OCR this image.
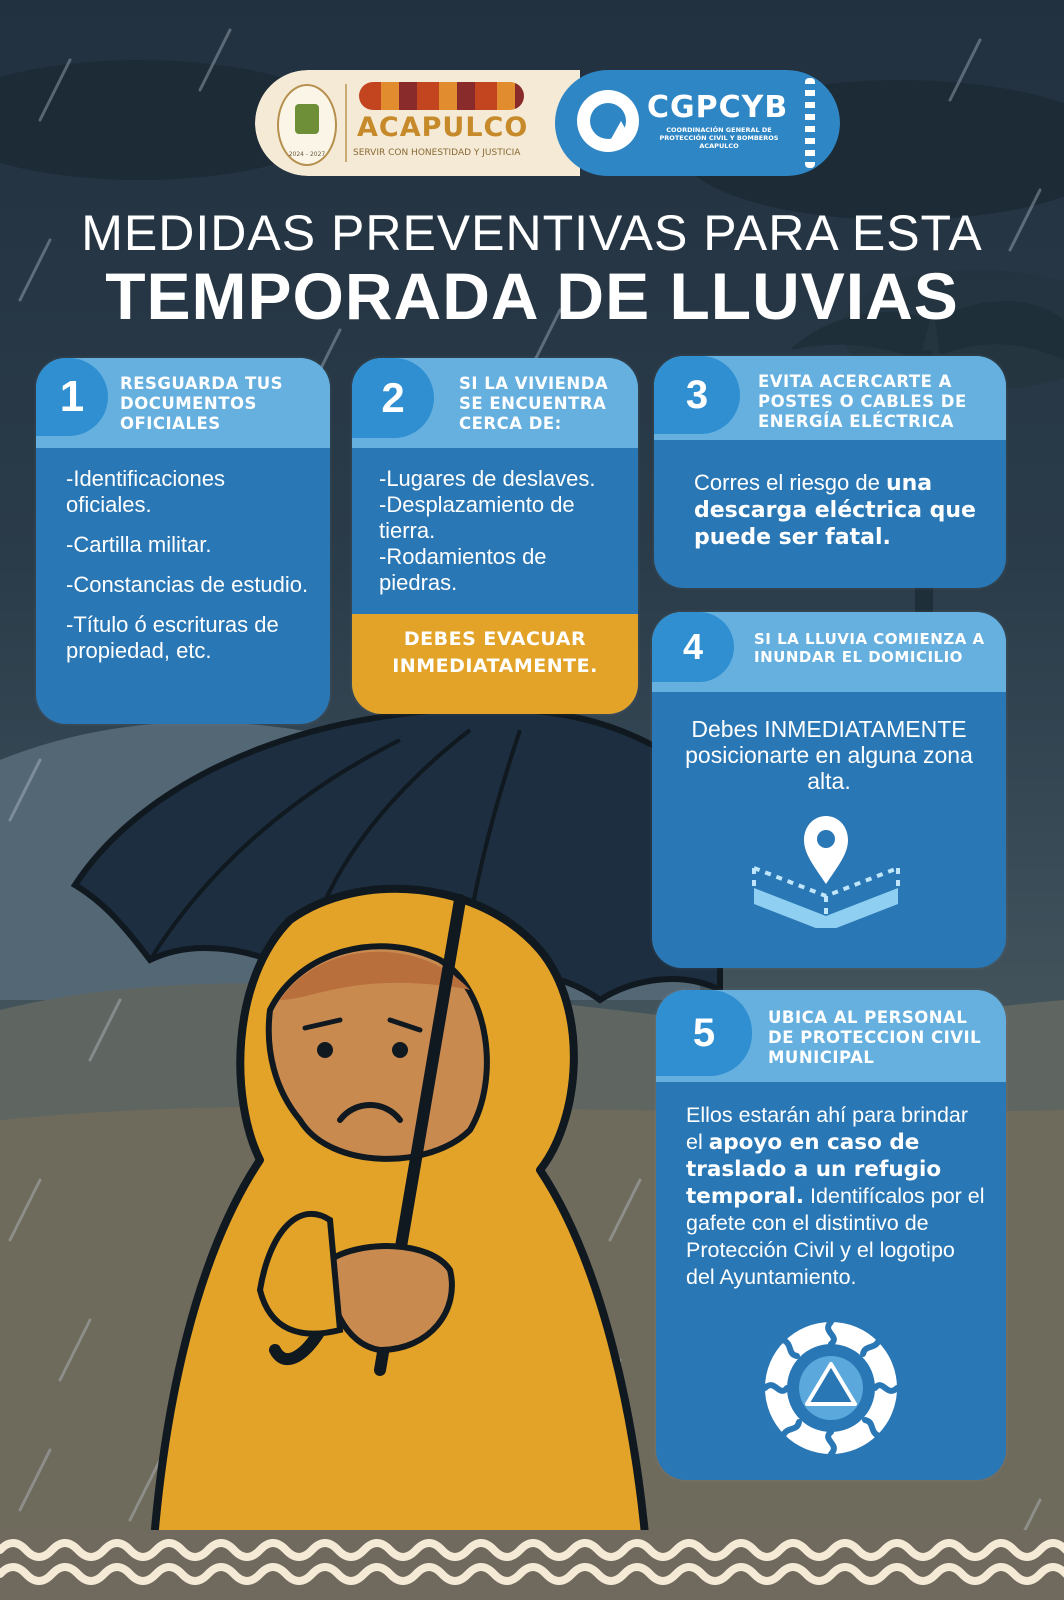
2024 - 2027
ACAPULCO
SERVIR CON HONESTIDAD Y JUSTICIA
CGPCYB
COORDINACIÓN GENERAL DE PROTECCIÓN CIVIL Y BOMBEROS ACAPULCO
MEDIDAS PREVENTIVAS PARA ESTA
TEMPORADA DE LLUVIAS
1	RESGUARDA TUS DOCUMENTOS OFICIALES

-Identificaciones oficiales.

-Cartilla militar.

-Constancias de estudio.

-Título ó escrituras de propiedad, etc.

2	SI LA VIVIENDA SE ENCUENTRA CERCA DE:

-Lugares de deslaves.

-Desplazamiento de tierra.

-Rodamientos de piedras.

DEBES EVACUAR INMEDIATAMENTE.
3	EVITA ACERCARTE A POSTES O CABLES DE ENERGÍA ELÉCTRICA
Corres el riesgo de una descarga eléctrica que puede ser fatal.
4	SI LA LLUVIA COMIENZA A INUNDAR EL DOMICILIO
Debes INMEDIATAMENTE posicionarte en alguna zona alta.
5	UBICA AL PERSONAL DE PROTECCION CIVIL MUNICIPAL
Ellos estarán ahí para brindar el apoyo en caso de traslado a un refugio temporal. Identifícalos por el gafete con el distintivo de Protección Civil y el logotipo del Ayuntamiento.
